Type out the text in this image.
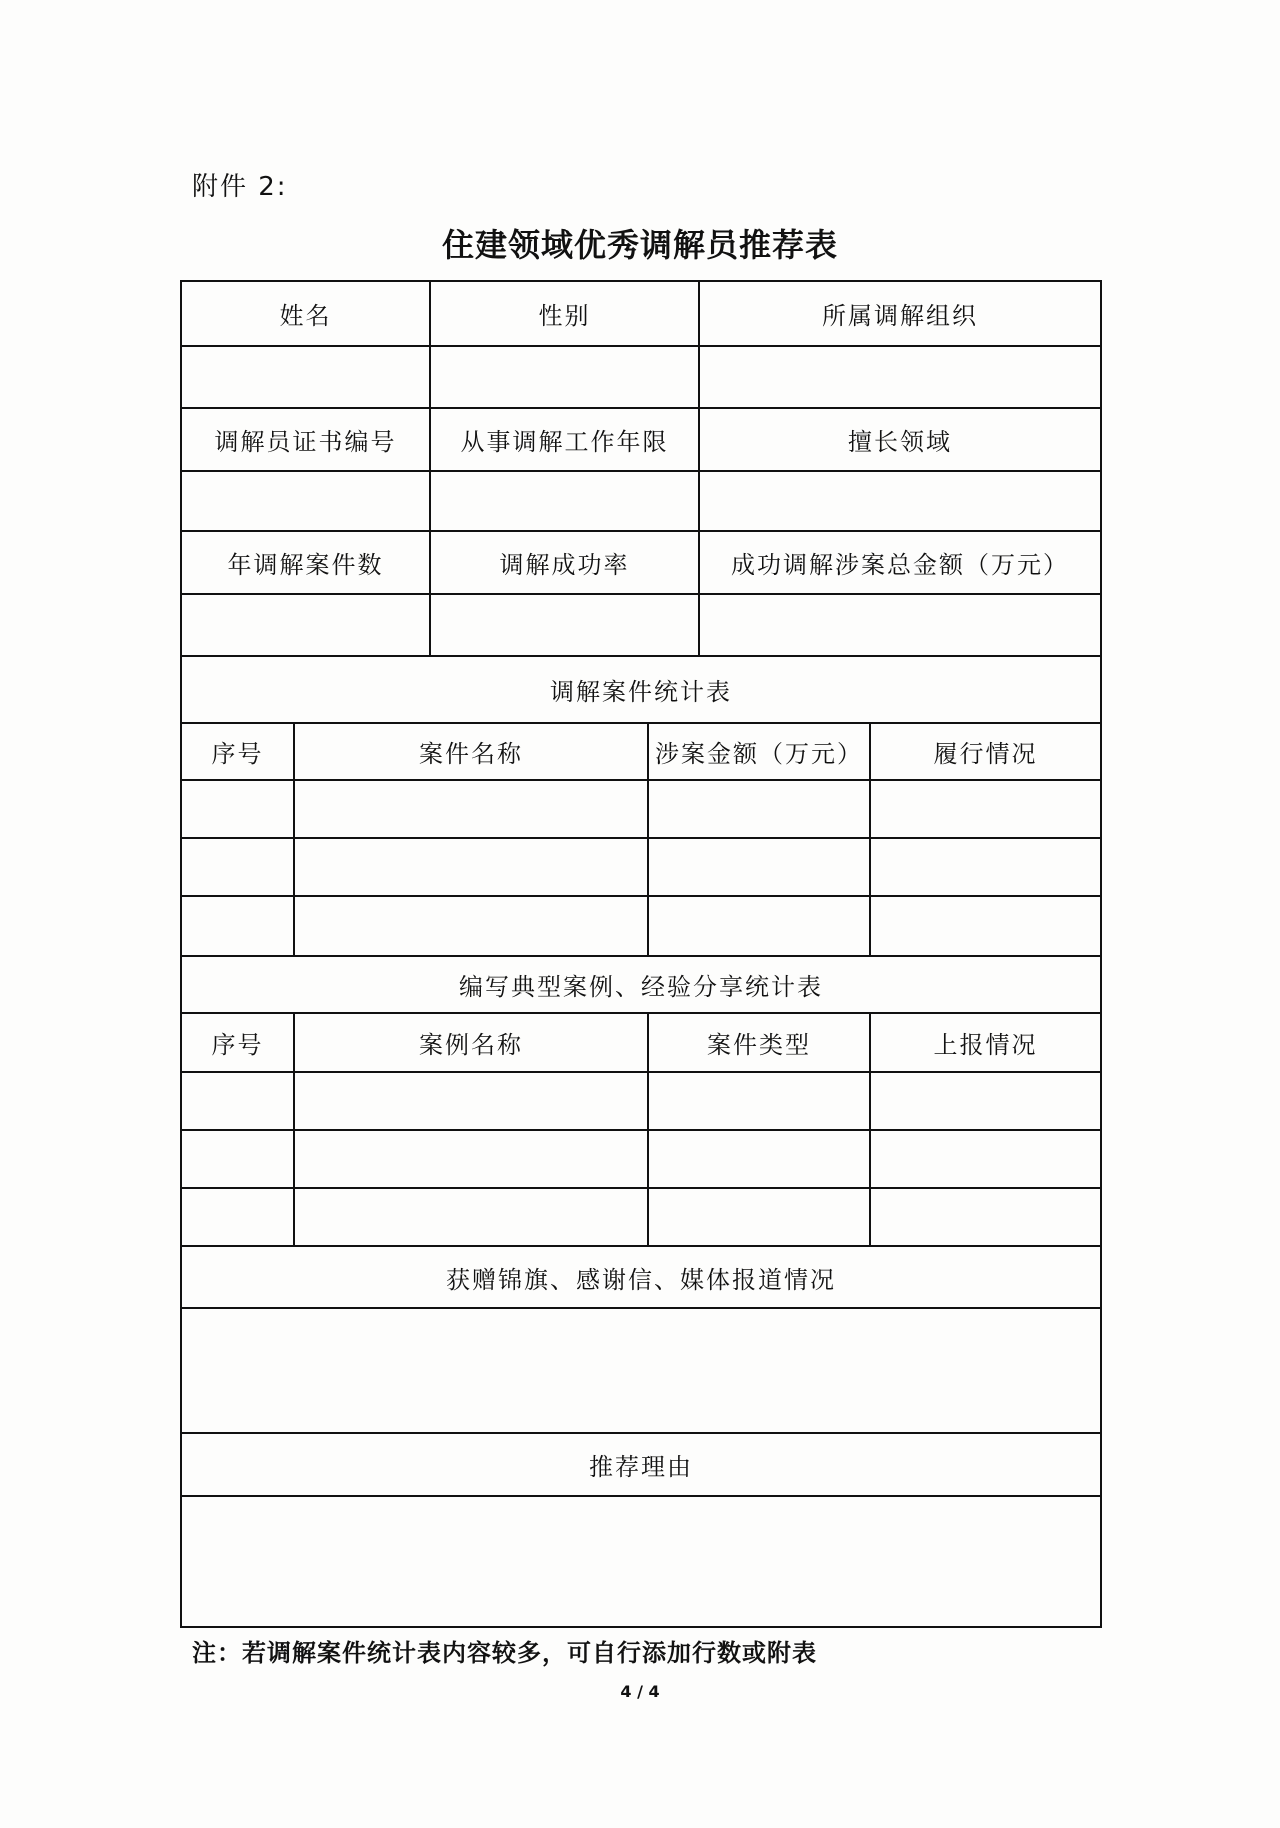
附件 2:
住建领域优秀调解员推荐表
姓名	性别	所属调解组织
调解员证书编号	从事调解工作年限	擅长领域
年调解案件数	调解成功率	成功调解涉案总金额（万元）
调解案件统计表
序号	案件名称	涉案金额（万元）	履行情况
编写典型案例、经验分享统计表
序号	案例名称	案件类型	上报情况
获赠锦旗、感谢信、媒体报道情况
推荐理由
注：若调解案件统计表内容较多，可自行添加行数或附表
4 / 4
